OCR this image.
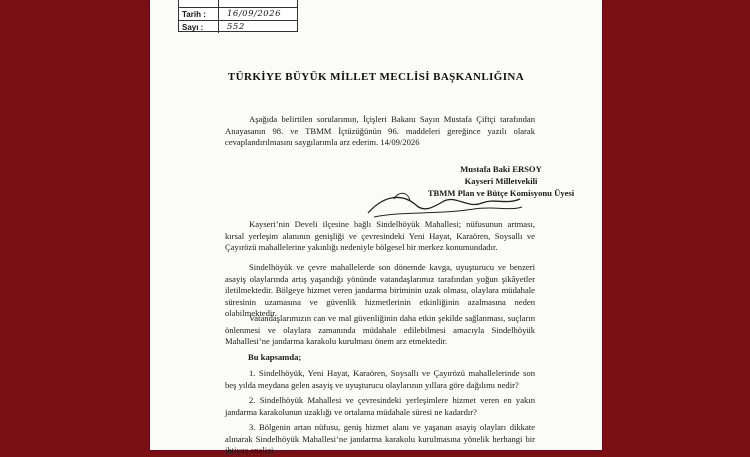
Tarih :	16/09/2026
Sayı :	552
TÜRKİYE BÜYÜK MİLLET MECLİSİ BAŞKANLIĞINA
Aşağıda belirtilen sorularımın, İçişleri Bakanı Sayın Mustafa Çiftçi tarafından Anayasanın 98. ve TBMM İçtüzüğünün 96. maddeleri gereğince yazılı olarak cevaplandırılmasını saygılarımla arz ederim. 14/09/2026
Mustafa Baki ERSOY
Kayseri Milletvekili
TBMM Plan ve Bütçe Komisyonu Üyesi
Kayseri’nin Develi ilçesine bağlı Sindelhöyük Mahallesi; nüfusunun artması, kırsal yerleşim alanının genişliği ve çevresindeki Yeni Hayat, Karaören, Soysallı ve Çayırözü mahallelerine yakınlığı nedeniyle bölgesel bir merkez konumundadır.
Sindelhöyük ve çevre mahallelerde son dönemde kavga, uyuşturucu ve benzeri asayiş olaylarında artış yaşandığı yönünde vatandaşlarımız tarafından yoğun şikâyetler iletilmektedir. Bölgeye hizmet veren jandarma biriminin uzak olması, olaylara müdahale süresinin uzamasına ve güvenlik hizmetlerinin etkinliğinin azalmasına neden olabilmektedir.
Vatandaşlarımızın can ve mal güvenliğinin daha etkin şekilde sağlanması, suçların önlenmesi ve olaylara zamanında müdahale edilebilmesi amacıyla Sindelhöyük Mahallesi’ne jandarma karakolu kurulması önem arz etmektedir.
Bu kapsamda;
1. Sindelhöyük, Yeni Hayat, Karaören, Soysallı ve Çayırözü mahallelerinde son beş yılda meydana gelen asayiş ve uyuşturucu olaylarının yıllara göre dağılımı nedir?
2. Sindelhöyük Mahallesi ve çevresindeki yerleşimlere hizmet veren en yakın jandarma karakolunun uzaklığı ve ortalama müdahale süresi ne kadardır?
3. Bölgenin artan nüfusu, geniş hizmet alanı ve yaşanan asayiş olayları dikkate alınarak Sindelhöyük Mahallesi’ne jandarma karakolu kurulmasına yönelik herhangi bir ihtiyaç analizi
